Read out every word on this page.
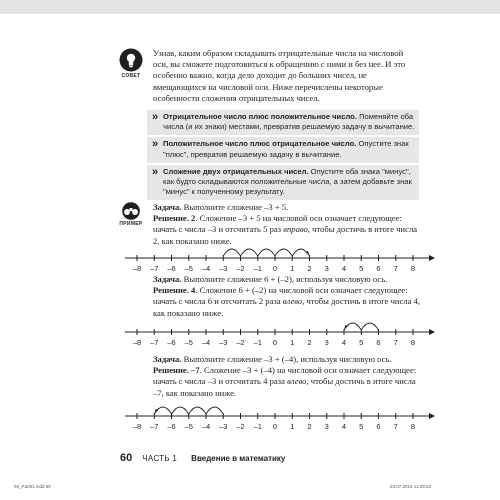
СОВЕТ

Узнав, каким образом складывать отрицательные числа на числовой оси, вы сможете подготовиться к обращению с ними и без нее. И это особенно важно, когда дело доходит до больших чисел, не вмещающихся на числовой оси. Ниже перечислены некоторые особенности сложения отрицательных чисел.

» Отрицательное число плюс положительное число. Поменяйте оба числа (и их знаки) местами, превратив решаемую задачу в вычитание.
» Положительное число плюс отрицательное число. Опустите знак "плюс", превратив решаемую задачу в вычитание.
» Сложение двух отрицательных чисел. Опустите оба знака "минус", как будто складываются положительные числа, а затем добавьте знак "минус" к полученному результату.
ПРИМЕР
Задача. Выполните сложение –3 + 5.
Решение. 2. Сложение –3 + 5 на числовой оси означает следующее: начать с числа –3 и отсчитать 5 раз вправо, чтобы достичь в итоге числа 2, как показано ниже.
–8 –7 –6 –5 –4 –3 –2 –1 0 1 2 3 4 5 6 7 8
Задача. Выполните сложение 6 + (–2), используя числовую ось.
Решение. 4. Сложение 6 + (–2) на числовой оси означает следующее: начать с числа 6 и отсчитать 2 раза влево, чтобы достичь в итоге числа 4, как показано ниже.
–8 –7 –6 –5 –4 –3 –2 –1 0 1 2 3 4 5 6 7 8
Задача. Выполните сложение –3 + (–4), используя числовую ось.
Решение. –7. Сложение –3 + (–4) на числовой оси означает следующее: начать с числа –3 и отсчитать 4 раза влево, чтобы достичь в итоге числа –7, как показано ниже.
–8 –7 –6 –5 –4 –3 –2 –1 0 1 2 3 4 5 6 7 8
60 ЧАСТЬ 1 Введение в математику
03_Part01.indd 60	23.07.2019 11:29:23
